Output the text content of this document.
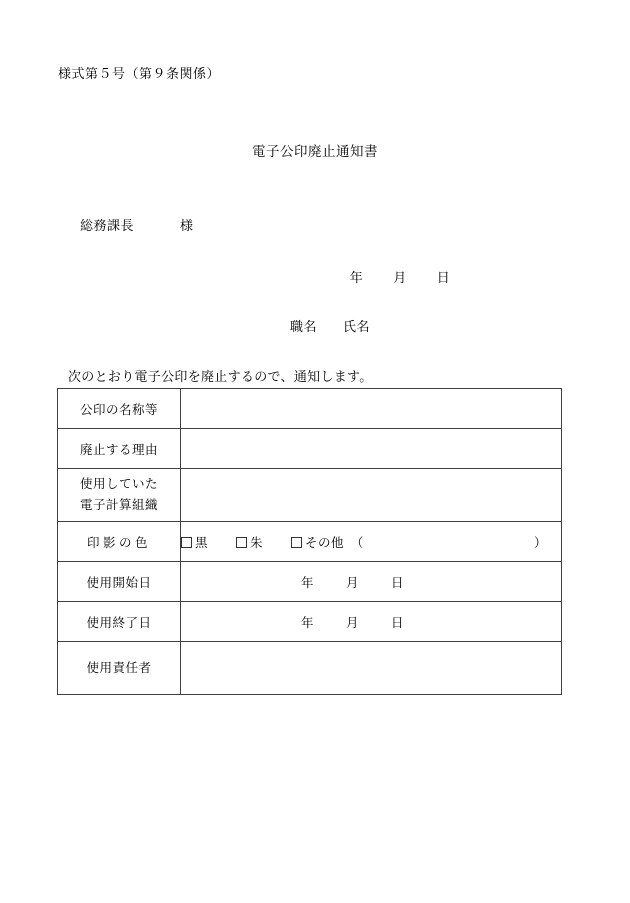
様式第５号（第９条関係）
電子公印廃止通知書
総務課長	様
年 月 日
職名 氏名
次のとおり電子公印を廃止するので、通知します。
公印の名称等	
廃止する理由	

使用していた
電子計算組織	

印影の色	黒 朱 その他　（ ）

使用開始日	年 月 日

使用終了日	年 月 日

使用責任者	
